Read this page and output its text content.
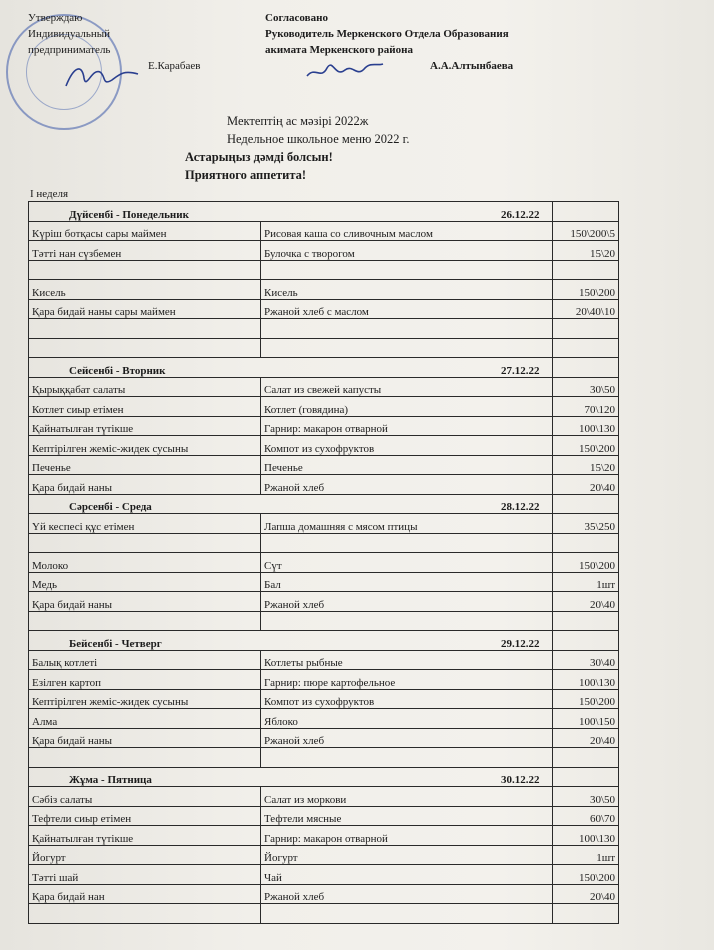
Утверждаю
Индивидуальный
предприниматель
Е.Карабаев
Согласовано
Руководитель Меркенского Отдела Образования
акимата Меркенского района
А.А.Алтынбаева
Мектептің ас мәзірі 2022ж
Недельное школьное меню 2022 г.
Астарыңыз дәмді болсын!
Приятного аппетита!
I неделя
Дүйсенбі - Понедельник 26.12.22		

Күріш ботқасы сары маймен	Рисовая каша со сливочным маслом	150\200\5
Тәтті нан сүзбемен	Булочка с творогом	15\20

Кисель	Кисель	150\200
Қара бидай наны сары маймен	Ржаной хлеб с маслом	20\40\10

Сейсенбі - Вторник 27.12.22		

Қырыққабат салаты	Салат из свежей капусты	30\50
Котлет сиыр етімен	Котлет (говядина)	70\120
Қайнатылған түтікше	Гарнир: макарон отварной	100\130
Кептірілген жеміс-жидек сусыны	Компот из сухофруктов	150\200
Печенье	Печенье	15\20
Қара бидай наны	Ржаной хлеб	20\40
Сәрсенбі - Среда 28.12.22		

Үй кеспесі құс етімен	Лапша домашняя с мясом птицы	35\250

Молоко	Сүт	150\200
Медь	Бал	1шт
Қара бидай наны	Ржаной хлеб	20\40

Бейсенбі - Четверг 29.12.22		

Балық котлеті	Котлеты рыбные	30\40
Езілген картоп	Гарнир: пюре картофельное	100\130
Кептірілген жеміс-жидек сусыны	Компот из сухофруктов	150\200
Алма	Яблоко	100\150
Қара бидай наны	Ржаной хлеб	20\40

Жұма - Пятница 30.12.22		

Сәбіз салаты	Салат из моркови	30\50
Тефтели сиыр етімен	Тефтели мясные	60\70
Қайнатылған түтікше	Гарнир: макарон отварной	100\130
Йогурт	Йогурт	1шт
Тәтті шай	Чай	150\200
Қара бидай нан	Ржаной хлеб	20\40
